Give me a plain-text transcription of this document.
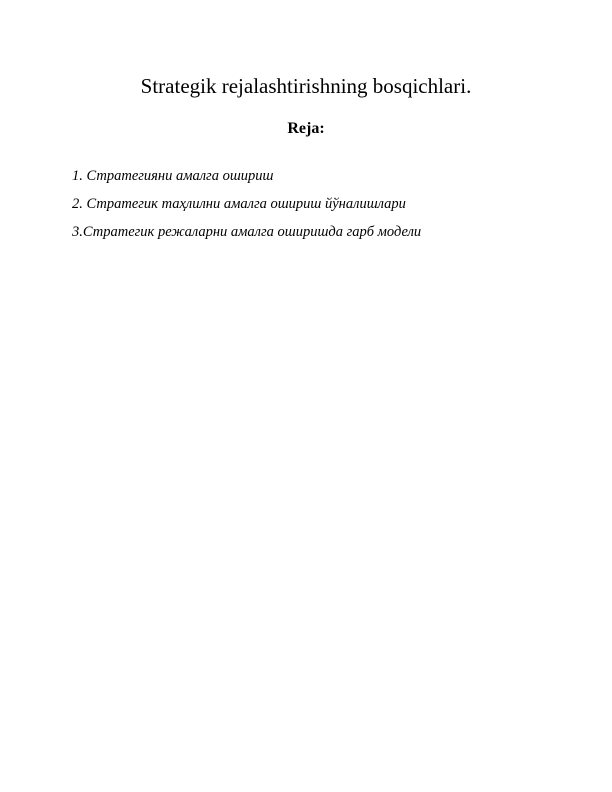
Strategik rejalashtirishning bosqichlari.
Reja:
1. Стратегияни амалга ошириш
2. Стратегик таҳлилни амалга ошириш йўналишлари
3.Стратегик режаларни амалга оширишда гарб модели
